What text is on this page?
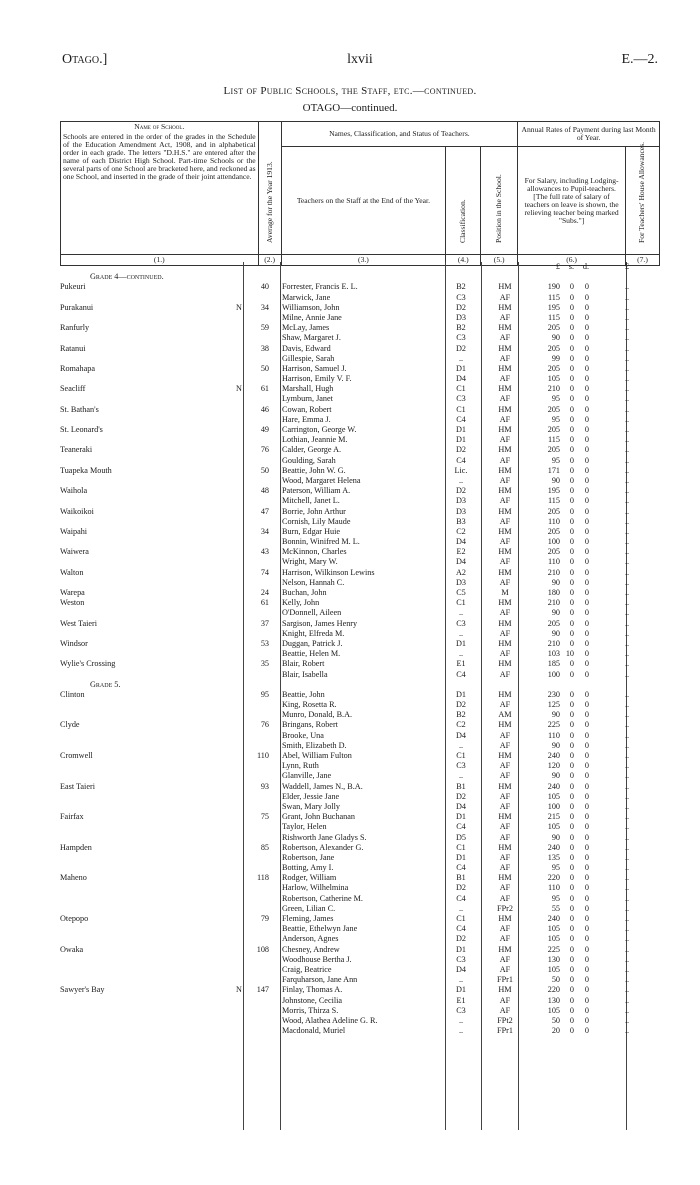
Otago.]	lxvii	E.—2.
List of Public Schools, the Staff, etc.—continued.
OTAGO—continued.
Name of School.
Schools are entered in the order of the grades in the Schedule of the Education Amendment Act, 1908, and in alphabetical order in each grade. The letters "D.H.S." are entered after the name of each District High School. Part-time Schools or the several parts of one School are bracketed here, and reckoned as one School, and inserted in the grade of their joint attendance.	Average for the Year 1913.	Names, Classification, and Status of Teachers.			Annual Rates of Payment during last Month of Year.	
		Teachers on the Staff at the End of the Year.	Classification.	Position in the School.	For Salary, including Lodging-allowances to Pupil-teachers. [The full rate of salary of teachers on leave is shown, the relieving teacher being marked "Subs."]	For Teachers' House Allowances.

(1.)	(2.)	(3.)	(4.)	(5.)	(6.)	(7.)
£	s.	d.	£
Grade 4—continued.
Pukeuri	40 Forrester, Francis E. L.	B2	HM	190	0	0	..
Marwick, Jane	C3	AF	115	0	0	..
Purakanui	N	34 Williamson, John	D2	HM	195	0	0	..
Milne, Annie Jane	D3	AF	115	0	0	..
Ranfurly	59 McLay, James	B2	HM	205	0	0	..
Shaw, Margaret J.	C3	AF	90	0	0	..
Ratanui	38 Davis, Edward	D2	HM	205	0	0	..
Gillespie, Sarah	..	AF	99	0	0	..
Romahapa	50 Harrison, Samuel J.	D1	HM	205	0	0	..
Harrison, Emily V. F.	D4	AF	105	0	0	..
Seacliff	N	61 Marshall, Hugh	C1	HM	210	0	0	..
Lymburn, Janet	C3	AF	95	0	0	..
St. Bathan's	46 Cowan, Robert	C1	HM	205	0	0	..
Hare, Emma J.	C4	AF	95	0	0	..
St. Leonard's	49 Carrington, George W.	D1	HM	205	0	0	..
Lothian, Jeannie M.	D1	AF	115	0	0	..
Teaneraki	76 Calder, George A.	D2	HM	205	0	0	..
Goulding, Sarah	C4	AF	95	0	0	..
Tuapeka Mouth	50 Beattie, John W. G.	Lic.	HM	171	0	0	..
Wood, Margaret Helena	..	AF	90	0	0	..
Waihola	48 Paterson, William A.	D2	HM	195	0	0	..
Mitchell, Janet L.	D3	AF	115	0	0	..
Waikoikoi	47 Borrie, John Arthur	D3	HM	205	0	0	..
Cornish, Lily Maude	B3	AF	110	0	0	..
Waipahi	34 Burn, Edgar Huie	C2	HM	205	0	0	..
Bonnin, Winifred M. L.	D4	AF	100	0	0	..
Waiwera	43 McKinnon, Charles	E2	HM	205	0	0	..
Wright, Mary W.	D4	AF	110	0	0	..
Walton	74 Harrison, Wilkinson Lewins	A2	HM	210	0	0	..
Nelson, Hannah C.	D3	AF	90	0	0	..
Warepa	24 Buchan, John	C5	M	180	0	0	..
Weston	61 Kelly, John	C1	HM	210	0	0	..
O'Donnell, Aileen	..	AF	90	0	0	..
West Taieri	37 Sargison, James Henry	C3	HM	205	0	0	..
Knight, Elfreda M.	..	AF	90	0	0	..
Windsor	53 Duggan, Patrick J.	D1	HM	210	0	0	..
Beattie, Helen M.	..	AF	103 10	0	..
Wylie's Crossing	35 Blair, Robert	E1	HM	185	0	0	..
Blair, Isabella	C4	AF	100	0	0	..
Grade 5.
Clinton	95 Beattie, John	D1	HM	230	0	0	..
King, Rosetta R.	D2	AF	125	0	0	..
Munro, Donald, B.A.	B2	AM	90	0	0	..
Clyde	76 Bringans, Robert	C2	HM	225	0	0	..
Brooke, Una	D4	AF	110	0	0	..
Smith, Elizabeth D.	..	AF	90	0	0	..
Cromwell	110 Abel, William Fulton	C1	HM	240	0	0	..
Lynn, Ruth	C3	AF	120	0	0	..
Glanville, Jane	..	AF	90	0	0	..
East Taieri	93 Waddell, James N., B.A.	B1	HM	240	0	0	..
Elder, Jessie Jane	D2	AF	105	0	0	..
Swan, Mary Jolly	D4	AF	100	0	0	..
Fairfax	75 Grant, John Buchanan	D1	HM	215	0	0	..
Taylor, Helen	C4	AF	105	0	0	..
Rishworth Jane Gladys S.	D5	AF	90	0	0	..
Hampden	85 Robertson, Alexander G.	C1	HM	240	0	0	..
Robertson, Jane	D1	AF	135	0	0	..
Botting, Amy I.	C4	AF	95	0	0	..
Maheno	118 Rodger, William	B1	HM	220	0	0	..
Harlow, Wilhelmina	D2	AF	110	0	0	..
Robertson, Catherine M.	C4	AF	95	0	0	..
Green, Lilian C.	..	FPr2	55	0	0	..
Otepopo	79 Fleming, James	C1	HM	240	0	0	..
Beattie, Ethelwyn Jane	C4	AF	105	0	0	..
Anderson, Agnes	D2	AF	105	0	0	..
Owaka	108 Chesney, Andrew	D1	HM	225	0	0	..
Woodhouse Bertha J.	C3	AF	130	0	0	..
Craig, Beatrice	D4	AF	105	0	0	..
Farquharson, Jane Ann	..	FPr1	50	0	0	..
Sawyer's Bay	N	147 Finlay, Thomas A.	D1	HM	220	0	0	..
Johnstone, Cecilia	E1	AF	130	0	0	..
Morris, Thirza S.	C3	AF	105	0	0	..
Wood, Alathea Adeline G. R.	..	FPt2	50	0	0	..
Macdonald, Muriel	..	FPr1	20	0	0	..
